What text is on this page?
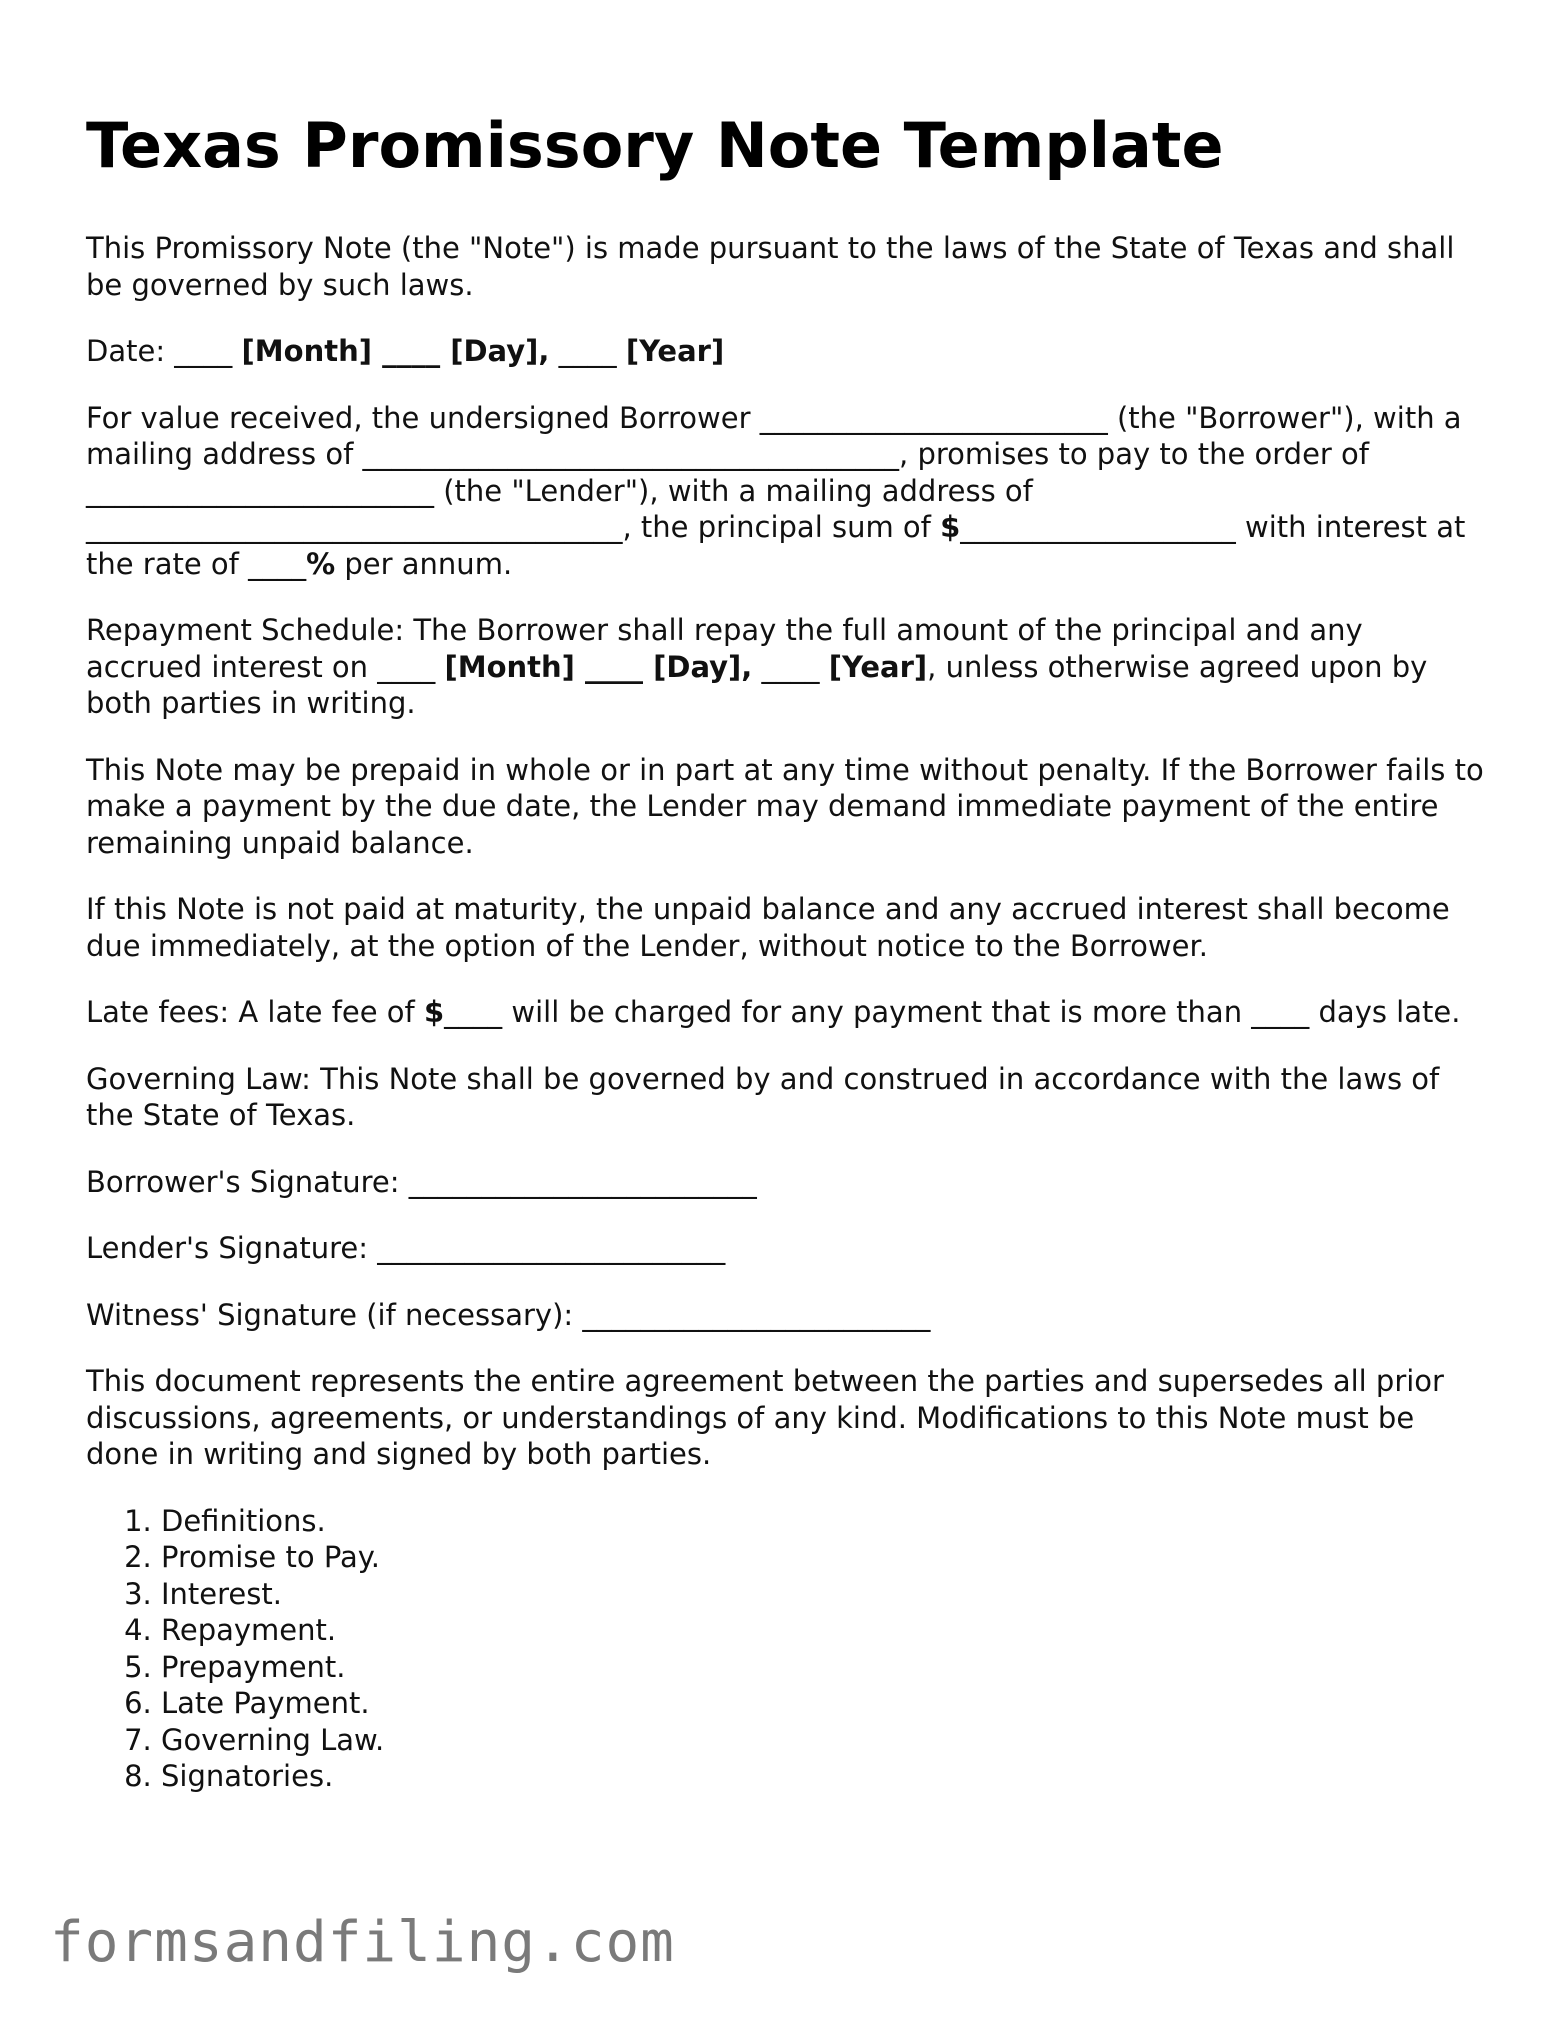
Texas Promissory Note Template

This Promissory Note (the "Note") is made pursuant to the laws of the State of Texas and shall be governed by such laws.

Date: ____ [Month] ____ [Day], ____ [Year]

For value received, the undersigned Borrower ________________________ (the "Borrower"), with a mailing address of _____________________________________, promises to pay to the order of ________________________ (the "Lender"), with a mailing address of _____________________________________, the principal sum of $___________________ with interest at the rate of ____% per annum.

Repayment Schedule: The Borrower shall repay the full amount of the principal and any accrued interest on ____ [Month] ____ [Day], ____ [Year], unless otherwise agreed upon by both parties in writing.

This Note may be prepaid in whole or in part at any time without penalty. If the Borrower fails to make a payment by the due date, the Lender may demand immediate payment of the entire remaining unpaid balance.

If this Note is not paid at maturity, the unpaid balance and any accrued interest shall become due immediately, at the option of the Lender, without notice to the Borrower.

Late fees: A late fee of $____ will be charged for any payment that is more than ____ days late.

Governing Law: This Note shall be governed by and construed in accordance with the laws of the State of Texas.

Borrower's Signature: ________________________

Lender's Signature: ________________________

Witness' Signature (if necessary): ________________________

This document represents the entire agreement between the parties and supersedes all prior discussions, agreements, or understandings of any kind. Modifications to this Note must be done in writing and signed by both parties.

1. Definitions.
2. Promise to Pay.
3. Interest.
4. Repayment.
5. Prepayment.
6. Late Payment.
7. Governing Law.
8. Signatories.
formsandfiling.com
